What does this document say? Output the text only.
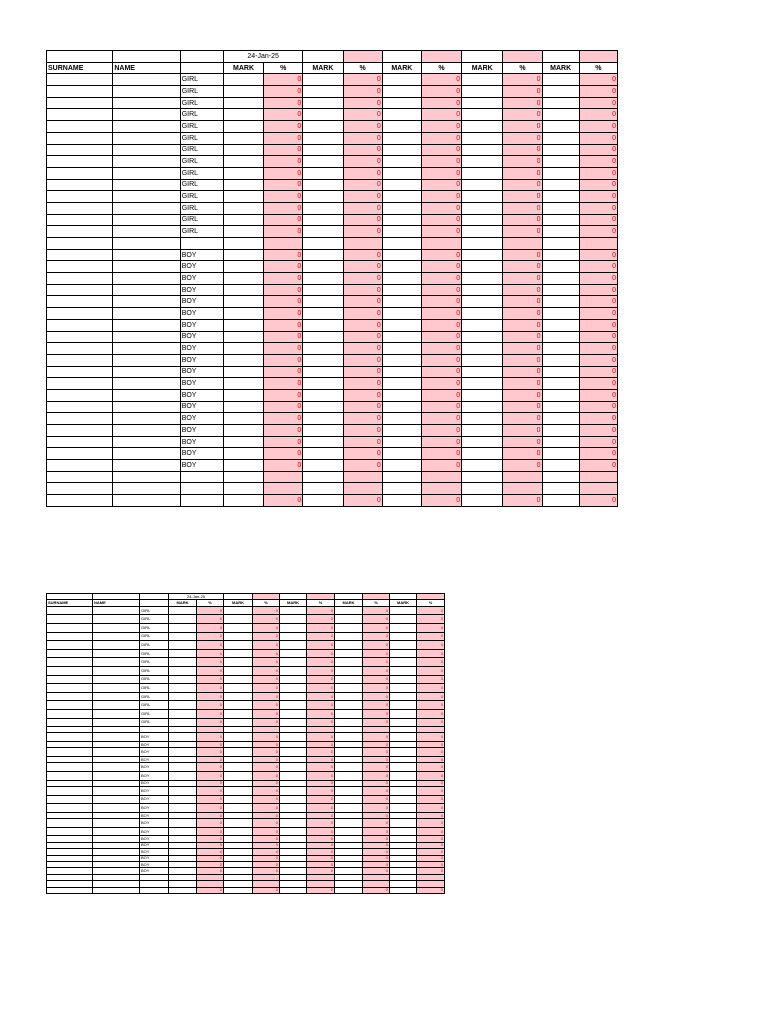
			24-Jan-25									
SURNAME	NAME		MARK	%	MARK	%	MARK	%	MARK	%	MARK	%
		GIRL		0		0		0		0		0
		GIRL		0		0		0		0		0
		GIRL		0		0		0		0		0
		GIRL		0		0		0		0		0
		GIRL		0		0		0		0		0
		GIRL		0		0		0		0		0
		GIRL		0		0		0		0		0
		GIRL		0		0		0		0		0
		GIRL		0		0		0		0		0
		GIRL		0		0		0		0		0
		GIRL		0		0		0		0		0
		GIRL		0		0		0		0		0
		GIRL		0		0		0		0		0
		GIRL		0		0		0		0		0

		BOY		0		0		0		0		0
		BOY		0		0		0		0		0
		BOY		0		0		0		0		0
		BOY		0		0		0		0		0
		BOY		0		0		0		0		0
		BOY		0		0		0		0		0
		BOY		0		0		0		0		0
		BOY		0		0		0		0		0
		BOY		0		0		0		0		0
		BOY		0		0		0		0		0
		BOY		0		0		0		0		0
		BOY		0		0		0		0		0
		BOY		0		0		0		0		0
		BOY		0		0		0		0		0
		BOY		0		0		0		0		0
		BOY		0		0		0		0		0
		BOY		0		0		0		0		0
		BOY		0		0		0		0		0
		BOY		0		0		0		0		0

				0		0		0		0		0
			24-Jan-25									
SURNAME	NAME		MARK	%	MARK	%	MARK	%	MARK	%	MARK	%
		GIRL		0		0		0		0		0
		GIRL		0		0		0		0		0
		GIRL		0		0		0		0		0
		GIRL		0		0		0		0		0
		GIRL		0		0		0		0		0
		GIRL		0		0		0		0		0
		GIRL		0		0		0		0		0
		GIRL		0		0		0		0		0
		GIRL		0		0		0		0		0
		GIRL		0		0		0		0		0
		GIRL		0		0		0		0		0
		GIRL		0		0		0		0		0
		GIRL		0		0		0		0		0
		GIRL		0		0		0		0		0

		BOY		0		0		0		0		0
		BOY		0		0		0		0		0
		BOY		0		0		0		0		0
		BOY		0		0		0		0		0
		BOY		0		0		0		0		0
		BOY		0		0		0		0		0
		BOY		0		0		0		0		0
		BOY		0		0		0		0		0
		BOY		0		0		0		0		0
		BOY		0		0		0		0		0
		BOY		0		0		0		0		0
		BOY		0		0		0		0		0
		BOY		0		0		0		0		0
		BOY		0		0		0		0		0
		BOY		0		0		0		0		0
		BOY		0		0		0		0		0
		BOY		0		0		0		0		0
		BOY		0		0		0		0		0
		BOY		0		0		0		0		0

				0		0		0		0		0
